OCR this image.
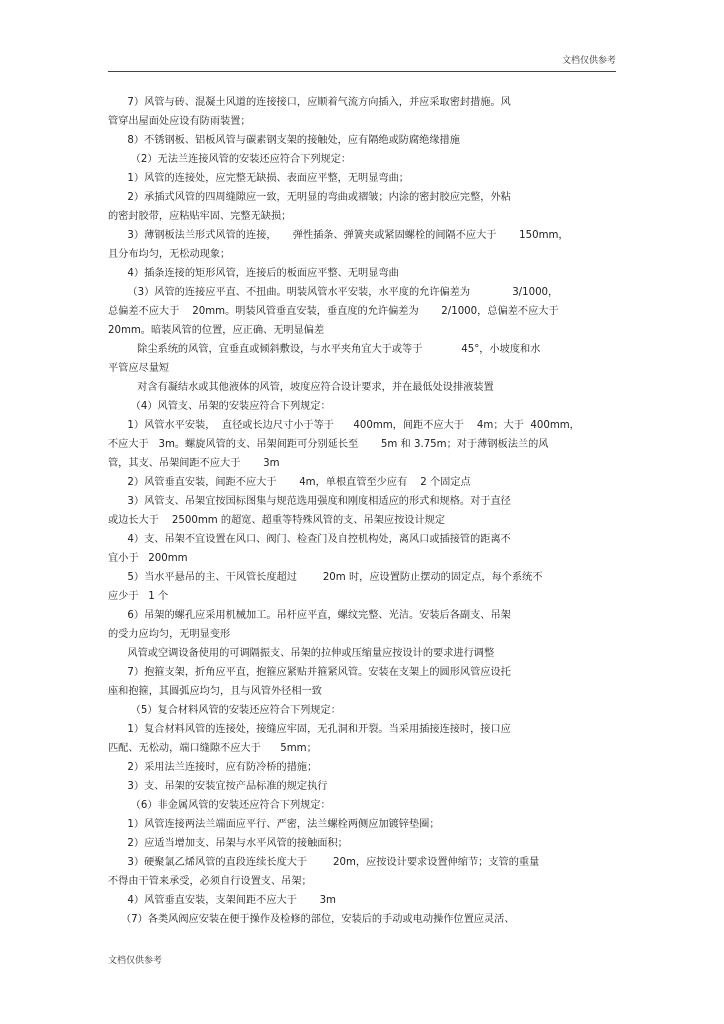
文档仅供参考
7）风管与砖、混凝土风道的连接接口，应顺着气流方向插入，并应采取密封措施。风
管穿出屋面处应设有防雨装置；
8）不锈钢板、铝板风管与碳素钢支架的接触处，应有隔绝或防腐绝缘措施
（2）无法兰连接风管的安装还应符合下列规定：
1）风管的连接处，应完整无缺损、表面应平整，无明显弯曲；
2）承插式风管的四周缝隙应一致，无明显的弯曲或褶皱；内涂的密封胶应完整，外粘
的密封胶带，应粘贴牢固、完整无缺损；
3）薄钢板法兰形式风管的连接，     弹性插条、弹簧夹或紧固螺栓的间隔不应大于       150mm，
且分布均匀，无松动现象；
4）插条连接的矩形风管，连接后的板面应平整、无明显弯曲
（3）风管的连接应平直、不扭曲。明装风管水平安装，水平度的允许偏差为             3/1000，
总偏差不应大于    20mm。明装风管垂直安装，垂直度的允许偏差为       2/1000，总偏差不应大于
20mm。暗装风管的位置，应正确、无明显偏差
除尘系统的风管，宜垂直或倾斜敷设，与水平夹角宜大于或等于            45°，小坡度和水
平管应尽量短
对含有凝结水或其他液体的风管，坡度应符合设计要求，并在最低处设排液装置
（4）风管支、吊架的安装应符合下列规定：
1）风管水平安装，  直径或长边尺寸小于等于      400mm，间距不应大于    4m；大于  400mm，
不应大于   3m。螺旋风管的支、吊架间距可分别延长至       5m 和 3.75m；对于薄钢板法兰的风
管，其支、吊架间距不应大于       3m
2）风管垂直安装，间距不应大于       4m，单根直管至少应有    2 个固定点
3）风管支、吊架宜按国标图集与规范选用强度和刚度相适应的形式和规格。对于直径
或边长大于    2500mm 的超宽、超重等特殊风管的支、吊架应按设计规定
4）支、吊架不宜设置在风口、阀门、检查门及自控机构处，离风口或插接管的距离不
宜小于   200mm
5）当水平悬吊的主、干风管长度超过        20m 时，应设置防止摆动的固定点，每个系统不
应少于   1 个
6）吊架的螺孔应采用机械加工。吊杆应平直，螺纹完整、光洁。安装后各副支、吊架
的受力应均匀，无明显变形
风管或空调设备使用的可调隔振支、吊架的拉伸或压缩量应按设计的要求进行调整
7）抱箍支架，折角应平直，抱箍应紧贴并箍紧风管。安装在支架上的圆形风管应设托
座和抱箍，其圆弧应均匀，且与风管外径相一致
（5）复合材料风管的安装还应符合下列规定：
1）复合材料风管的连接处，接缝应牢固，无孔洞和开裂。当采用插接连接时，接口应
匹配、无松动，端口缝隙不应大于      5mm；
2）采用法兰连接时，应有防冷桥的措施；
3）支、吊架的安装宜按产品标准的规定执行
（6）非金属风管的安装还应符合下列规定：
1）风管连接两法兰端面应平行、严密，法兰螺栓两侧应加镀锌垫圈；
2）应适当增加支、吊架与水平风管的接触面积；
3）硬聚氯乙烯风管的直段连续长度大于        20m，应按设计要求设置伸缩节；支管的重量
不得由干管来承受，必须自行设置支、吊架；
4）风管垂直安装，支架间距不应大于       3m
（7）各类风阀应安装在便于操作及检修的部位，安装后的手动或电动操作位置应灵活、
文档仅供参考
